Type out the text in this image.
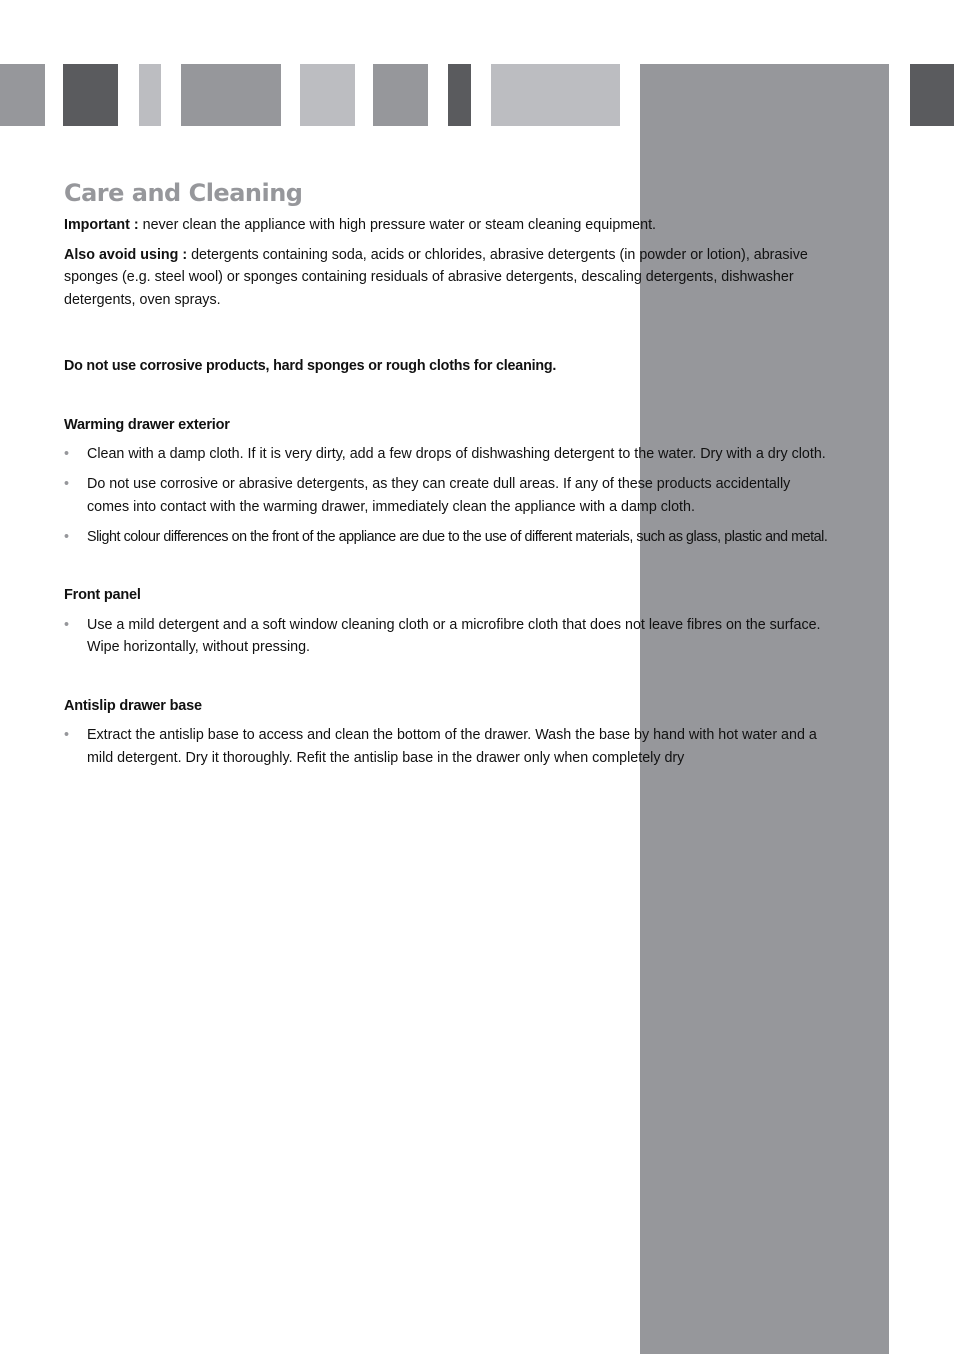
Care and Cleaning

Important : never clean the appliance with high pressure water or steam cleaning equipment.

Also avoid using : detergents containing soda, acids or chlorides, abrasive detergents (in powder or lotion), abrasive sponges (e.g. steel wool) or sponges containing residuals of abrasive detergents, descaling detergents, dishwasher detergents, oven sprays.

Do not use corrosive products, hard sponges or rough cloths for cleaning.

Warming drawer exterior
• Clean with a damp cloth. If it is very dirty, add a few drops of dishwashing detergent to the water. Dry with a dry cloth.
• Do not use corrosive or abrasive detergents, as they can create dull areas. If any of these products accidentally comes into contact with the warming drawer, immediately clean the appliance with a damp cloth.
• Slight colour differences on the front of the appliance are due to the use of different materials, such as glass, plastic and metal.
Front panel
• Use a mild detergent and a soft window cleaning cloth or a microfibre cloth that does not leave fibres on the surface. Wipe horizontally, without pressing.
Antislip drawer base
• Extract the antislip base to access and clean the bottom of the drawer. Wash the base by hand with hot water and a mild detergent. Dry it thoroughly. Refit the antislip base in the drawer only when completely dry
